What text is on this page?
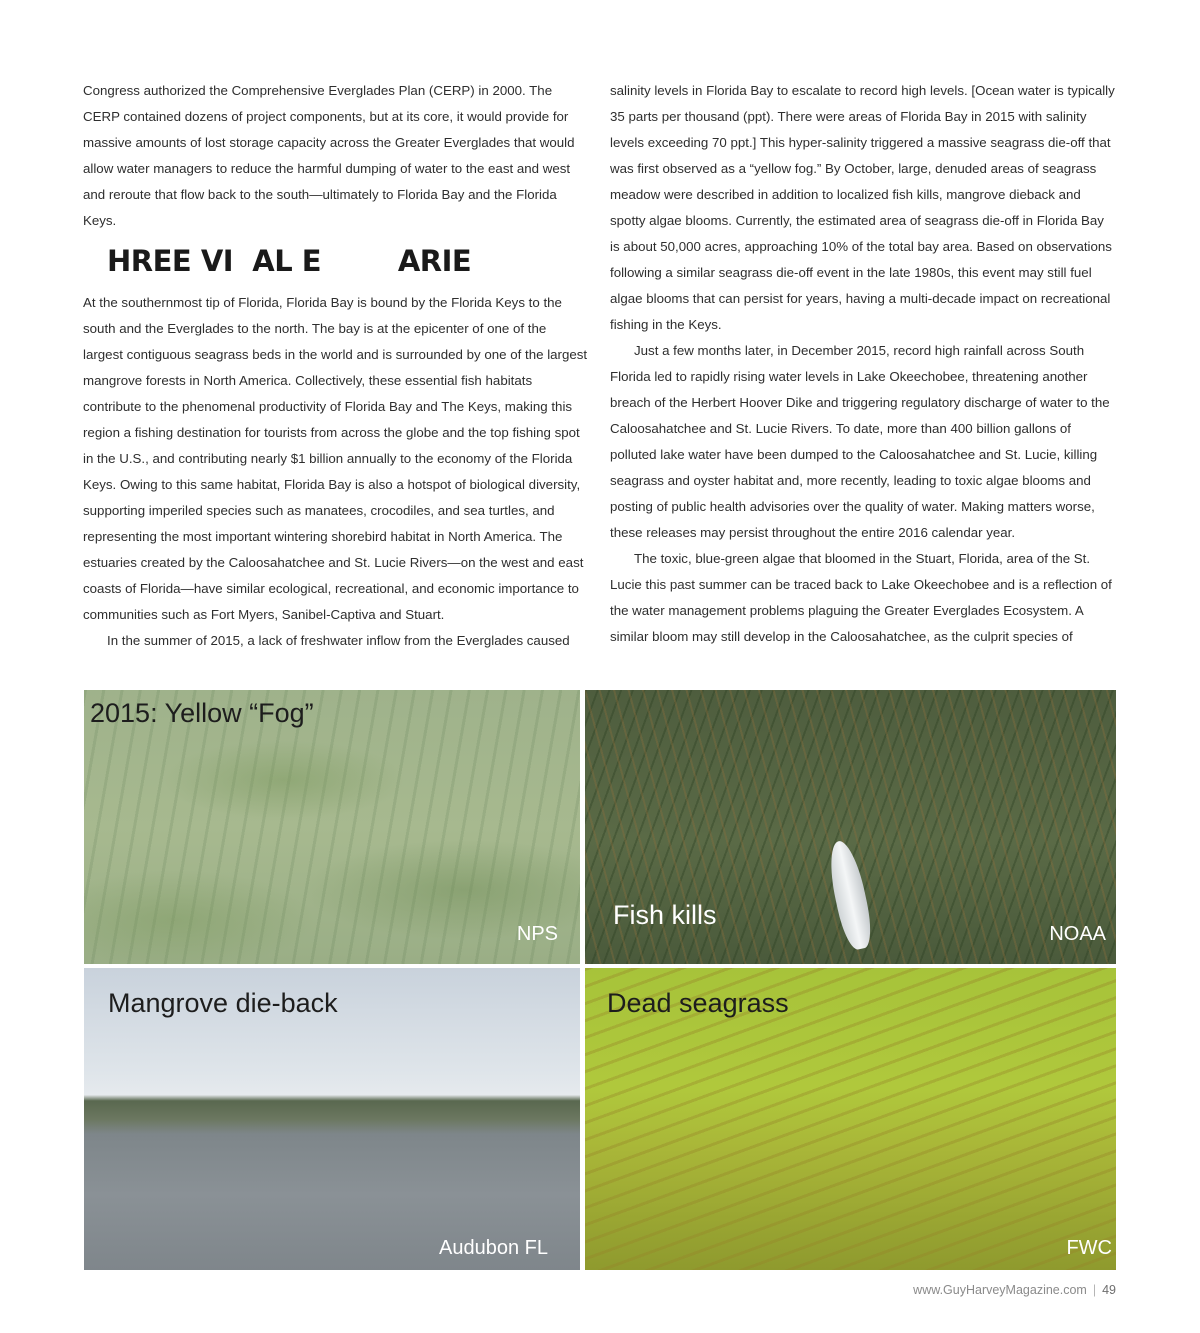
Congress authorized the Comprehensive Everglades Plan (CERP) in 2000. The CERP contained dozens of project components, but at its core, it would provide for massive amounts of lost storage capacity across the Greater Everglades that would allow water managers to reduce the harmful dumping of water to the east and west and reroute that flow back to the south—ultimately to Florida Bay and the Florida Keys.

HREE VI  AL E        ARIE

At the southernmost tip of Florida, Florida Bay is bound by the Florida Keys to the south and the Everglades to the north. The bay is at the epicenter of one of the largest contiguous seagrass beds in the world and is surrounded by one of the largest mangrove forests in North America. Collectively, these essential fish habitats contribute to the phenomenal productivity of Florida Bay and The Keys, making this region a fishing destination for tourists from across the globe and the top fishing spot in the U.S., and contributing nearly $1 billion annually to the economy of the Florida Keys. Owing to this same habitat, Florida Bay is also a hotspot of biological diversity, supporting imperiled species such as manatees, crocodiles, and sea turtles, and representing the most important wintering shorebird habitat in North America. The estuaries created by the Caloosahatchee and St. Lucie Rivers—on the west and east coasts of Florida—have similar ecological, recreational, and economic importance to communities such as Fort Myers, Sanibel-Captiva and Stuart.

In the summer of 2015, a lack of freshwater inflow from the Everglades caused

salinity levels in Florida Bay to escalate to record high levels. [Ocean water is typically 35 parts per thousand (ppt). There were areas of Florida Bay in 2015 with salinity levels exceeding 70 ppt.] This hyper-salinity triggered a massive seagrass die-off that was first observed as a “yellow fog.” By October, large, denuded areas of seagrass meadow were described in addition to localized fish kills, mangrove dieback and spotty algae blooms. Currently, the estimated area of seagrass die-off in Florida Bay is about 50,000 acres, approaching 10% of the total bay area. Based on observations following a similar seagrass die-off event in the late 1980s, this event may still fuel algae blooms that can persist for years, having a multi-decade impact on recreational fishing in the Keys.

Just a few months later, in December 2015, record high rainfall across South Florida led to rapidly rising water levels in Lake Okeechobee, threatening another breach of the Herbert Hoover Dike and triggering regulatory discharge of water to the Caloosahatchee and St. Lucie Rivers. To date, more than 400 billion gallons of polluted lake water have been dumped to the Caloosahatchee and St. Lucie, killing seagrass and oyster habitat and, more recently, leading to toxic algae blooms and posting of public health advisories over the quality of water. Making matters worse, these releases may persist throughout the entire 2016 calendar year.

The toxic, blue-green algae that bloomed in the Stuart, Florida, area of the St. Lucie this past summer can be traced back to Lake Okeechobee and is a reflection of the water management problems plaguing the Greater Everglades Ecosystem. A similar bloom may still develop in the Caloosahatchee, as the culprit species of

2015: Yellow “Fog”
NPS
Fish kills
NOAA
Mangrove die-back
Audubon FL
Dead seagrass
FWC
www.GuyHarveyMagazine.com | 49
